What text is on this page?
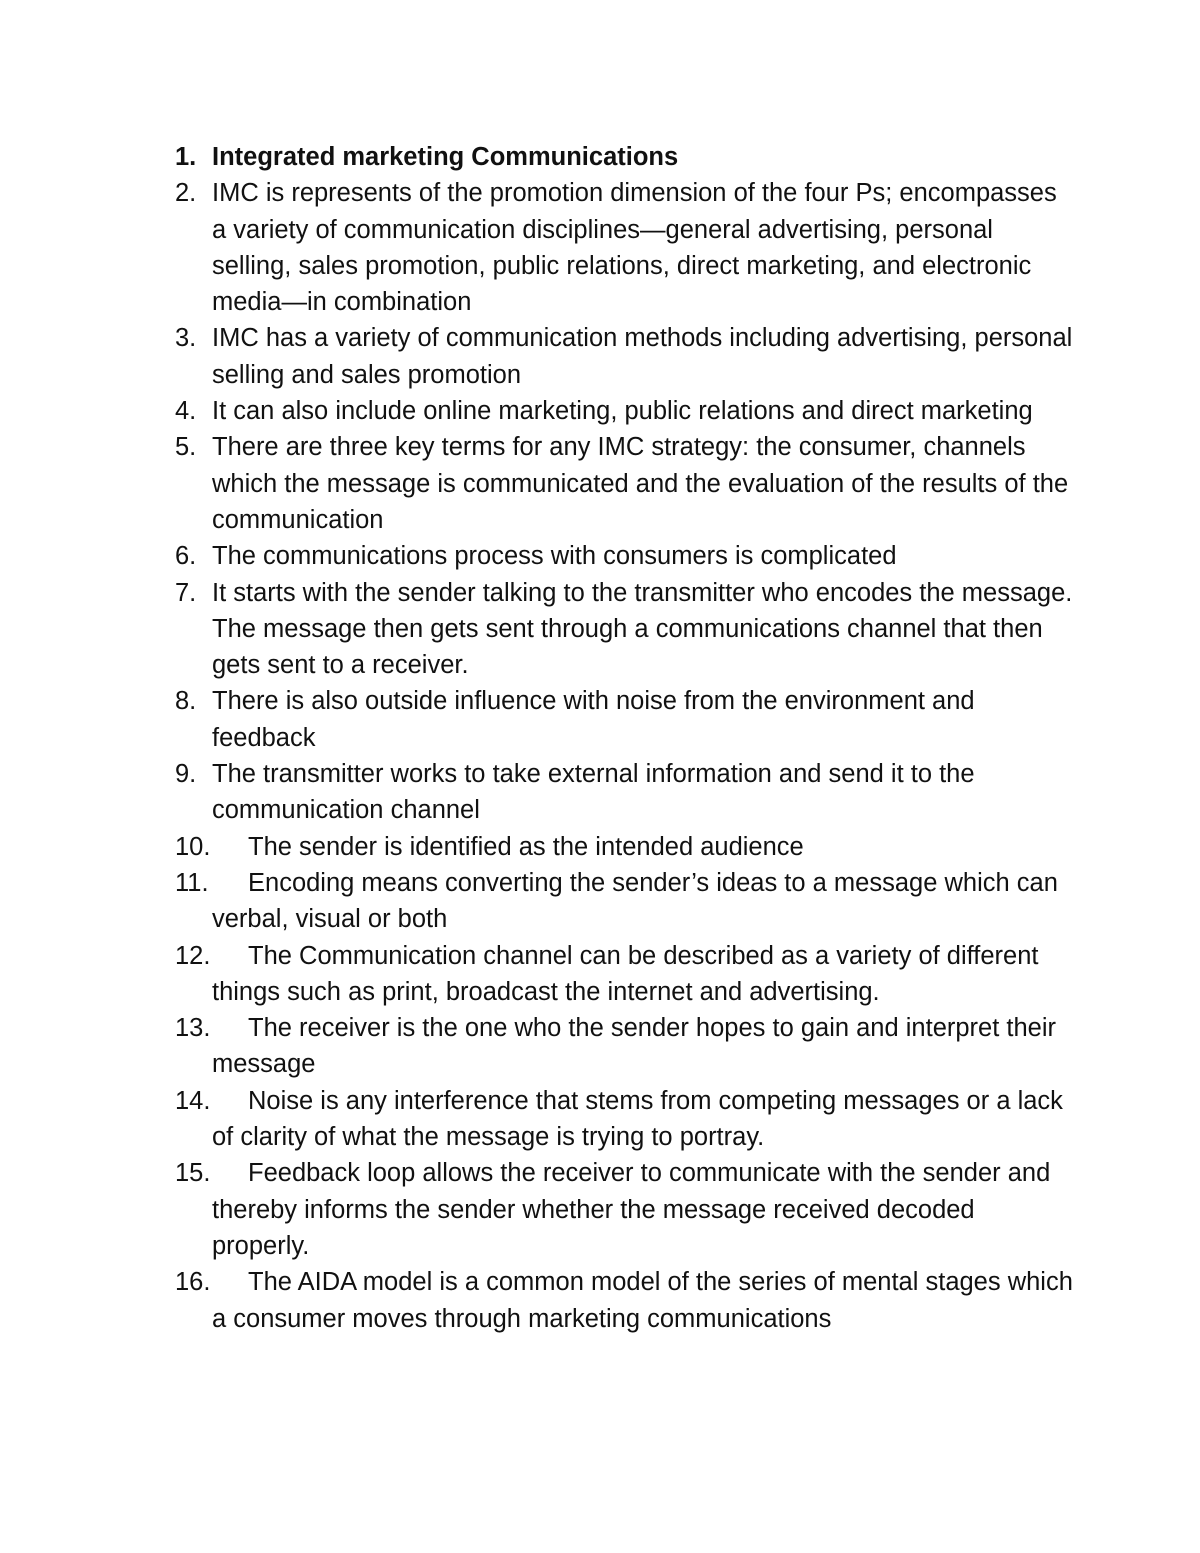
1. Integrated marketing Communications
2. IMC is represents of the promotion dimension of the four Ps; encompasses a variety of communication disciplines—general advertising, personal selling, sales promotion, public relations, direct marketing, and electronic media—in combination
3. IMC has a variety of communication methods including advertising, personal selling and sales promotion
4. It can also include online marketing, public relations and direct marketing
5. There are three key terms for any IMC strategy: the consumer, channels which the message is communicated and the evaluation of the results of the communication
6. The communications process with consumers is complicated
7. It starts with the sender talking to the transmitter who encodes the message. The message then gets sent through a communications channel that then gets sent to a receiver.
8. There is also outside influence with noise from the environment and feedback
9. The transmitter works to take external information and send it to the communication channel
10.	The sender is identified as the intended audience
11.	Encoding means converting the sender’s ideas to a message which can verbal, visual or both
12.	The Communication channel can be described as a variety of different things such as print, broadcast the internet and advertising.
13.	The receiver is the one who the sender hopes to gain and interpret their message
14.	Noise is any interference that stems from competing messages or a lack of clarity of what the message is trying to portray.
15.	Feedback loop allows the receiver to communicate with the sender and thereby informs the sender whether the message received decoded properly.
16.	The AIDA model is a common model of the series of mental stages which a consumer moves through marketing communications
